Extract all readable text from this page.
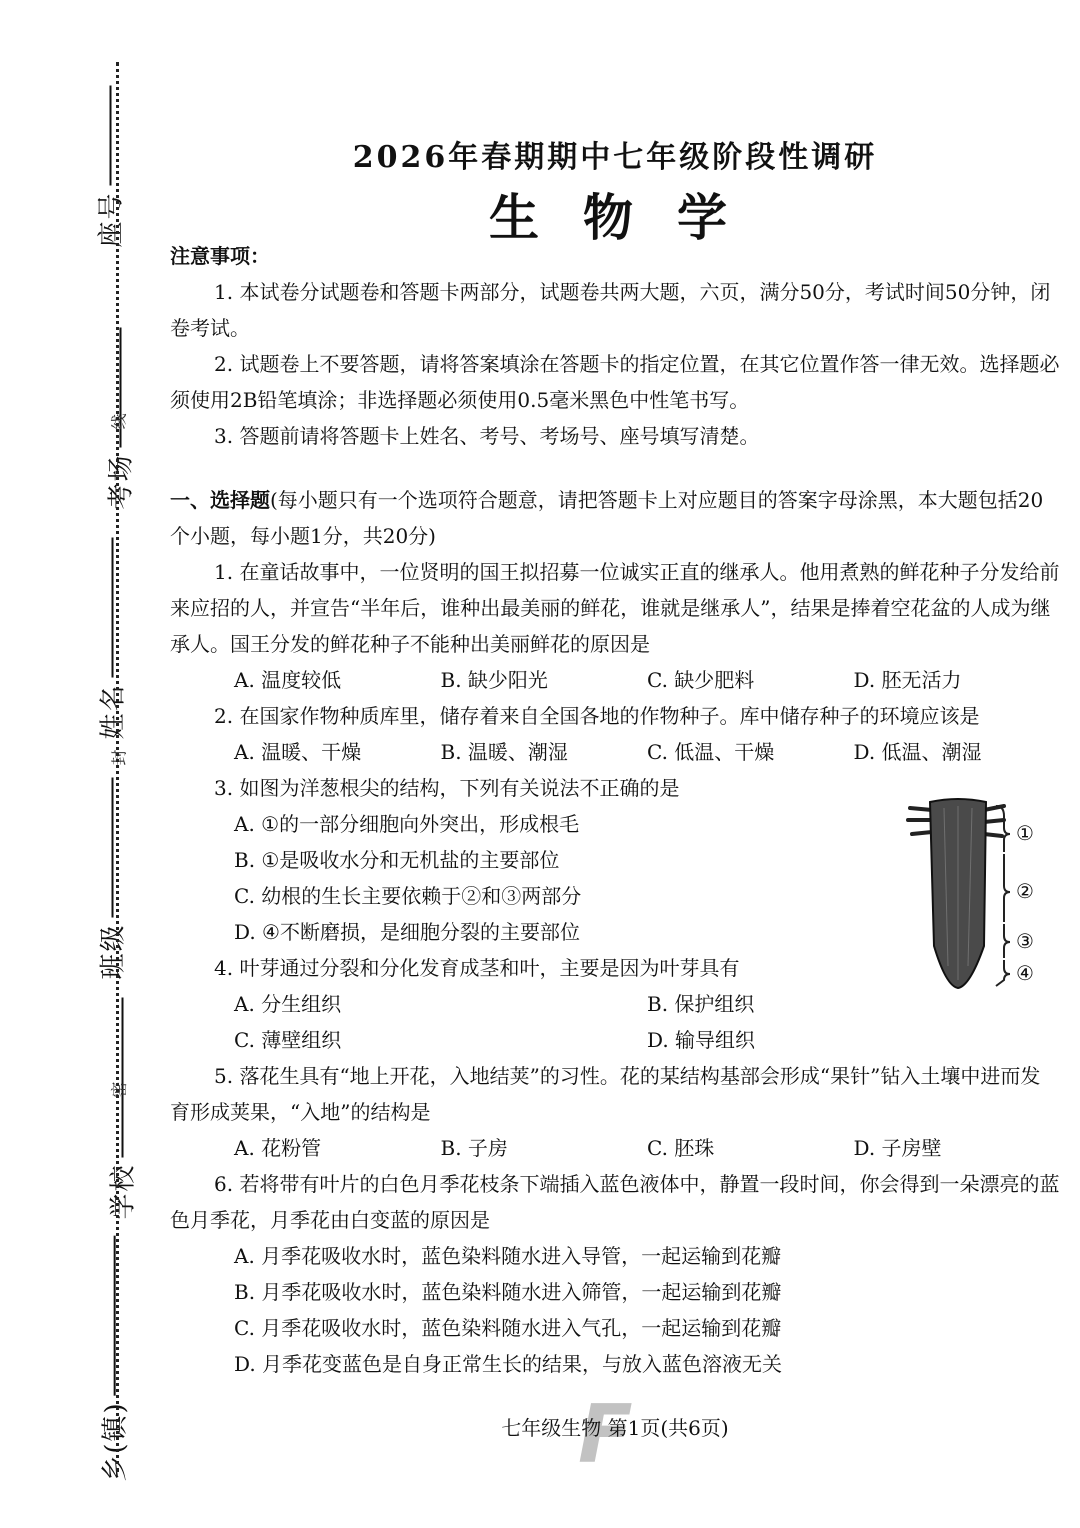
座号
考场
姓名
班级
学校
乡(镇)
线
封
密
2026年春期期中七年级阶段性调研
生物学
注意事项：
1. 本试卷分试题卷和答题卡两部分，试题卷共两大题，六页，满分50分，考试时间50分钟，闭卷考试。
2. 试题卷上不要答题，请将答案填涂在答题卡的指定位置，在其它位置作答一律无效。选择题必须使用2B铅笔填涂；非选择题必须使用0.5毫米黑色中性笔书写。
3. 答题前请将答题卡上姓名、考号、考场号、座号填写清楚。
一、选择题(每小题只有一个选项符合题意，请把答题卡上对应题目的答案字母涂黑，本大题包括20个小题，每小题1分，共20分)
1. 在童话故事中，一位贤明的国王拟招募一位诚实正直的继承人。他用煮熟的鲜花种子分发给前来应招的人，并宣告“半年后，谁种出最美丽的鲜花，谁就是继承人”，结果是捧着空花盆的人成为继承人。国王分发的鲜花种子不能种出美丽鲜花的原因是
A. 温度较低	B. 缺少阳光	C. 缺少肥料	D. 胚无活力
2. 在国家作物种质库里，储存着来自全国各地的作物种子。库中储存种子的环境应该是
A. 温暖、干燥	B. 温暖、潮湿	C. 低温、干燥	D. 低温、潮湿
3. 如图为洋葱根尖的结构，下列有关说法不正确的是
A. ①的一部分细胞向外突出，形成根毛
B. ①是吸收水分和无机盐的主要部位
C. 幼根的生长主要依赖于②和③两部分
D. ④不断磨损，是细胞分裂的主要部位
4. 叶芽通过分裂和分化发育成茎和叶，主要是因为叶芽具有
A. 分生组织	B. 保护组织
C. 薄壁组织	D. 输导组织
5. 落花生具有“地上开花，入地结荚”的习性。花的某结构基部会形成“果针”钻入土壤中进而发育形成荚果，“入地”的结构是
A. 花粉管	B. 子房	C. 胚珠	D. 子房壁
6. 若将带有叶片的白色月季花枝条下端插入蓝色液体中，静置一段时间，你会得到一朵漂亮的蓝色月季花，月季花由白变蓝的原因是
A. 月季花吸收水时，蓝色染料随水进入导管，一起运输到花瓣
B. 月季花吸收水时，蓝色染料随水进入筛管，一起运输到花瓣
C. 月季花吸收水时，蓝色染料随水进入气孔，一起运输到花瓣
D. 月季花变蓝色是自身正常生长的结果，与放入蓝色溶液无关
①
②
③
④
F
七年级生物 第1页(共6页)
